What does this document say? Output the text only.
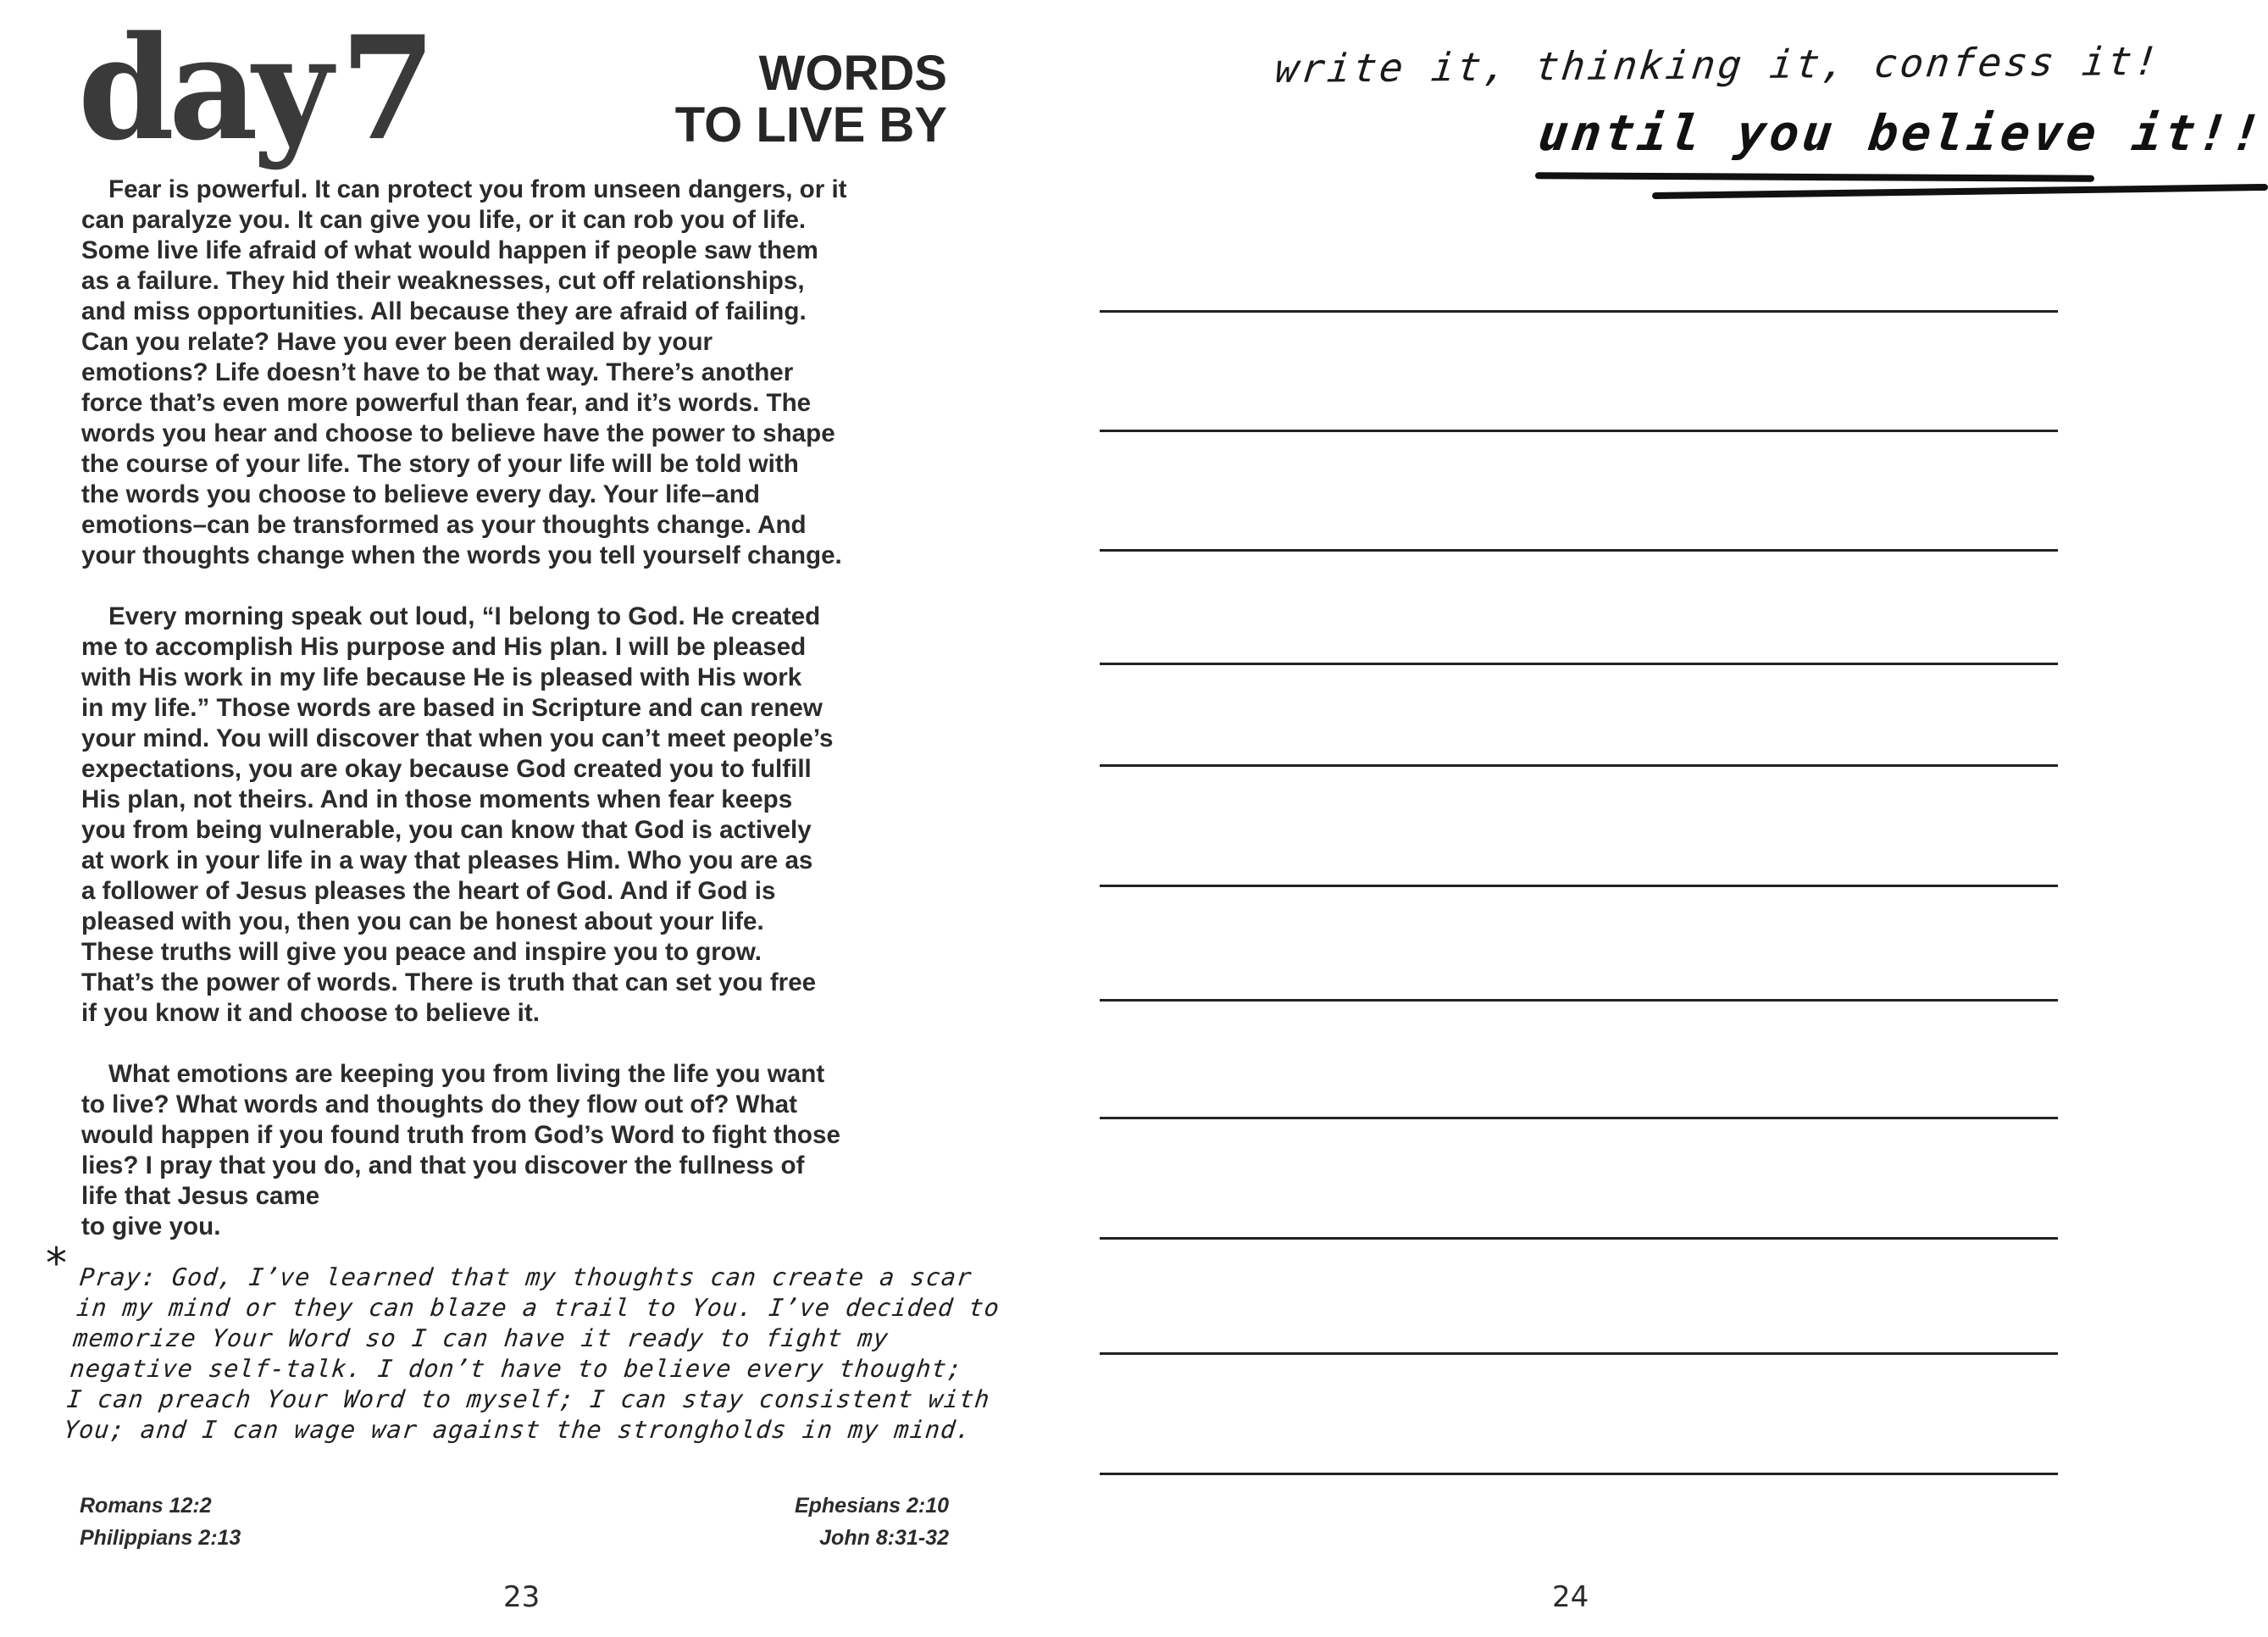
day7	WORDS
TO LIVE BY

Fear is powerful. It can protect you from unseen dangers, or it
can paralyze you. It can give you life, or it can rob you of life.
Some live life afraid of what would happen if people saw them
as a failure. They hid their weaknesses, cut off relationships,
and miss opportunities. All because they are afraid of failing.
Can you relate? Have you ever been derailed by your
emotions? Life doesn’t have to be that way. There’s another
force that’s even more powerful than fear, and it’s words. The
words you hear and choose to believe have the power to shape
the course of your life. The story of your life will be told with
the words you choose to believe every day. Your life–and
emotions–can be transformed as your thoughts change. And
your thoughts change when the words you tell yourself change.

Every morning speak out loud, “I belong to God. He created
me to accomplish His purpose and His plan. I will be pleased
with His work in my life because He is pleased with His work
in my life.” Those words are based in Scripture and can renew
your mind. You will discover that when you can’t meet people’s
expectations, you are okay because God created you to fulfill
His plan, not theirs. And in those moments when fear keeps
you from being vulnerable, you can know that God is actively
at work in your life in a way that pleases Him. Who you are as
a follower of Jesus pleases the heart of God. And if God is
pleased with you, then you can be honest about your life.
These truths will give you peace and inspire you to grow.
That’s the power of words. There is truth that can set you free
if you know it and choose to believe it.

What emotions are keeping you from living the life you want
to live? What words and thoughts do they flow out of? What
would happen if you found truth from God’s Word to fight those
lies? I pray that you do, and that you discover the fullness of
life that Jesus came
to give you.

* Pray: God, I’ve learned that my thoughts can create a scar
in my mind or they can blaze a trail to You. I’ve decided to
memorize Your Word so I can have it ready to fight my
negative self-talk. I don’t have to believe every thought;
I can preach Your Word to myself; I can stay consistent with
You; and I can wage war against the strongholds in my mind.
Romans 12:2
Philippians 2:13
Ephesians 2:10
John 8:31-32
23
write it, thinking it, confess it!
until you believe it!!
24
